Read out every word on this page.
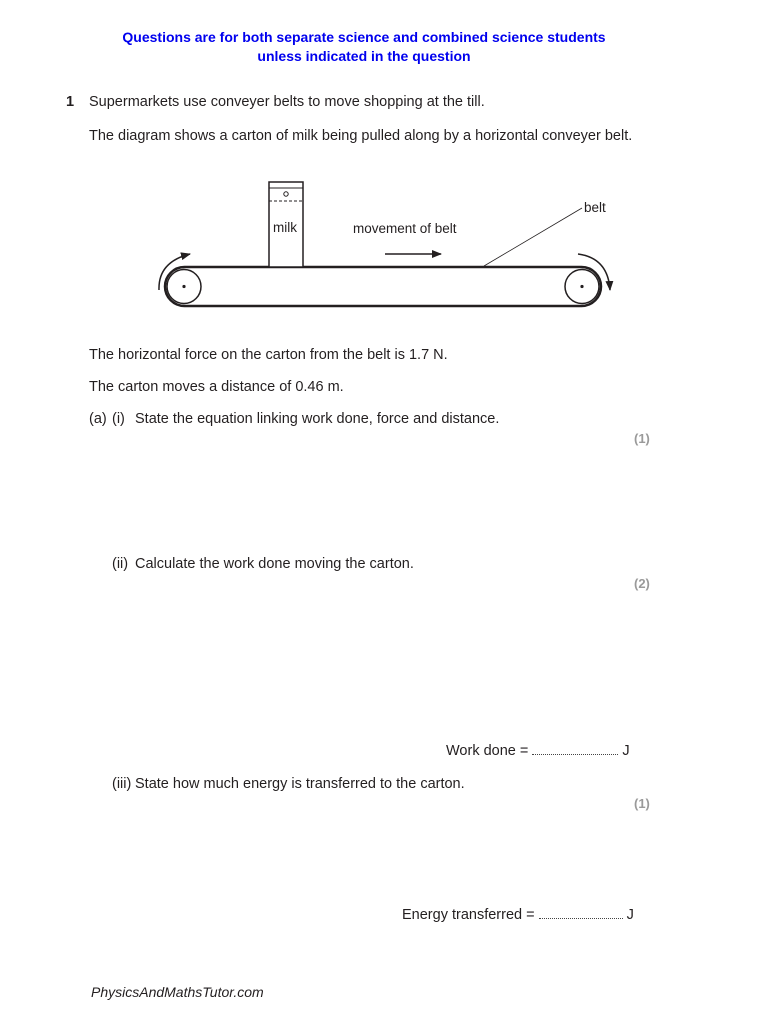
Questions are for both separate science and combined science students
unless indicated in the question
1 Supermarkets use conveyer belts to move shopping at the till.
The diagram shows a carton of milk being pulled along by a horizontal conveyer belt.
milk	movement of belt
belt
The horizontal force on the carton from the belt is 1.7 N.
The carton moves a distance of 0.46 m.
(a) (i) State the equation linking work done, force and distance.
(1)
(ii) Calculate the work done moving the carton.
(2)
Work done =	J
(iii) State how much energy is transferred to the carton.
(1)
Energy transferred =	J
PhysicsAndMathsTutor.com
